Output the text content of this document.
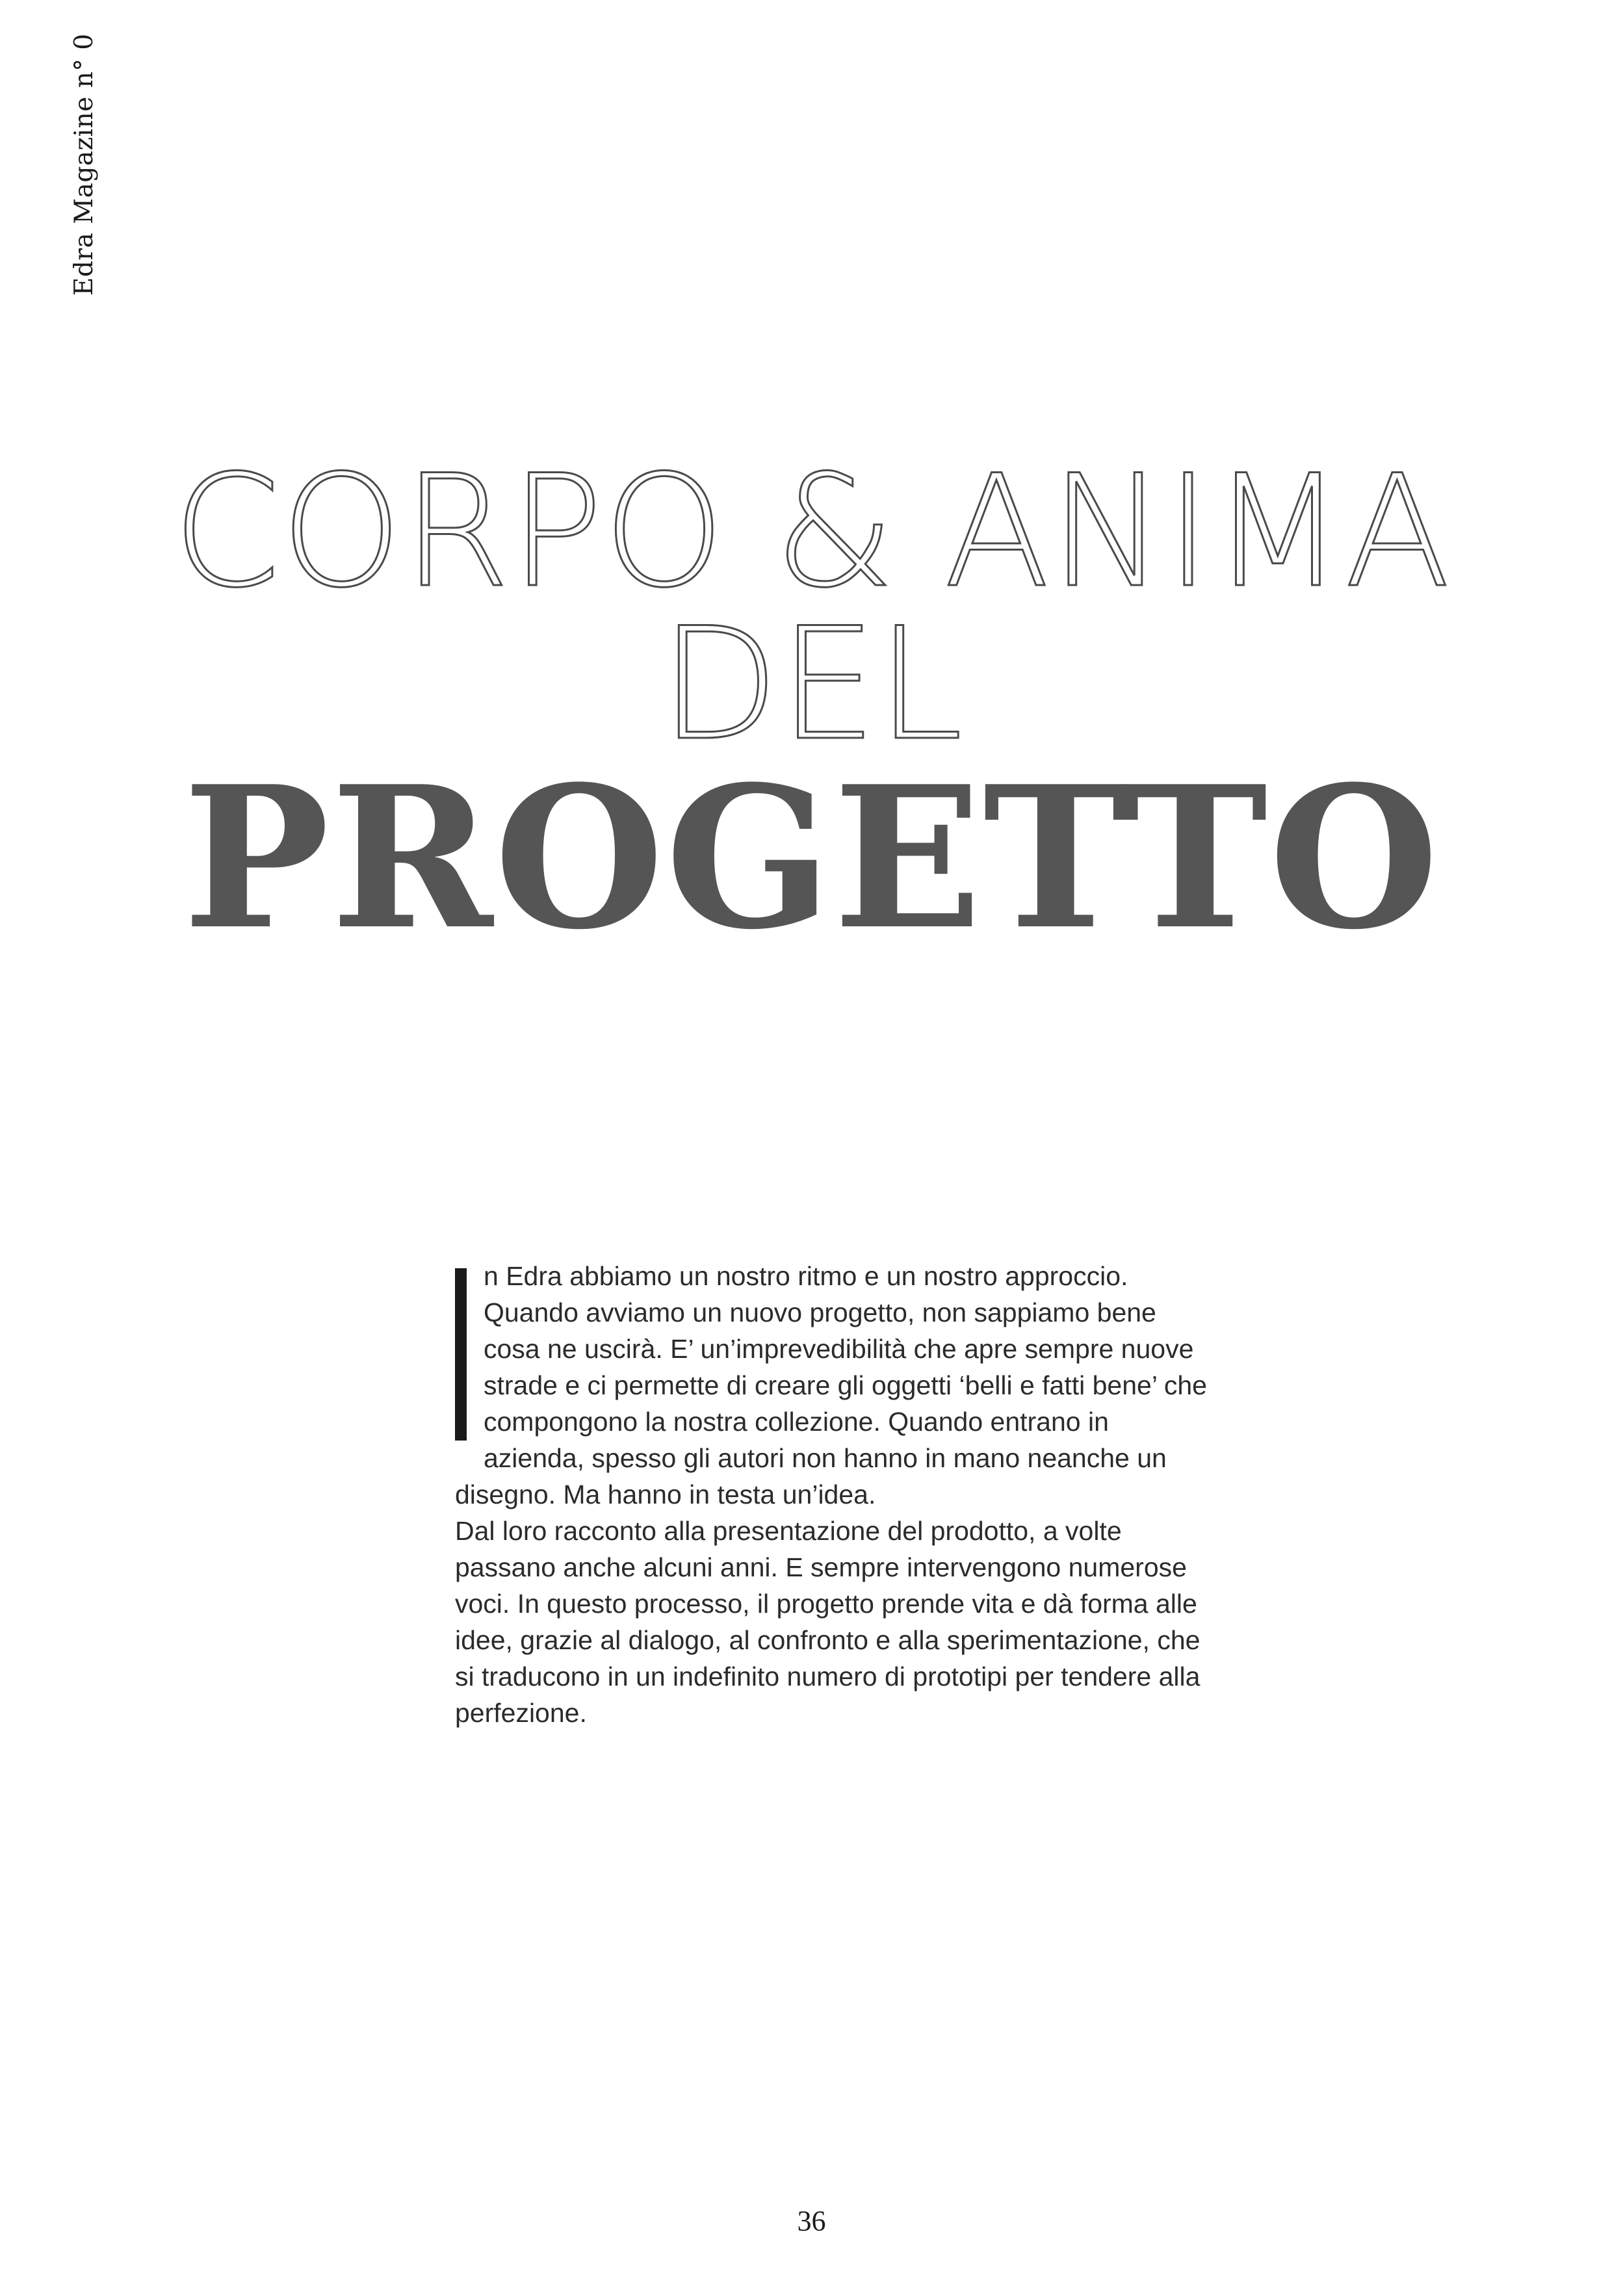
Edra Magazine n° 0
CORPO & ANIMA
DEL
PROGETTO

n Edra abbiamo un nostro ritmo e un nostro approccio. Quando avviamo un nuovo progetto, non sappiamo bene cosa ne uscirà. E’ un’imprevedibilità che apre sempre nuove strade e ci permette di creare gli oggetti ‘belli e fatti bene’ che compongono la nostra collezione. Quando entrano in azienda, spesso gli autori non hanno in mano neanche un disegno. Ma hanno in testa un’idea.

Dal loro racconto alla presentazione del prodotto, a volte passano anche alcuni anni. E sempre intervengono numerose voci. In questo processo, il progetto prende vita e dà forma alle idee, grazie al dialogo, al confronto e alla sperimentazione, che si traducono in un indefinito numero di prototipi per tendere alla perfezione.

36
